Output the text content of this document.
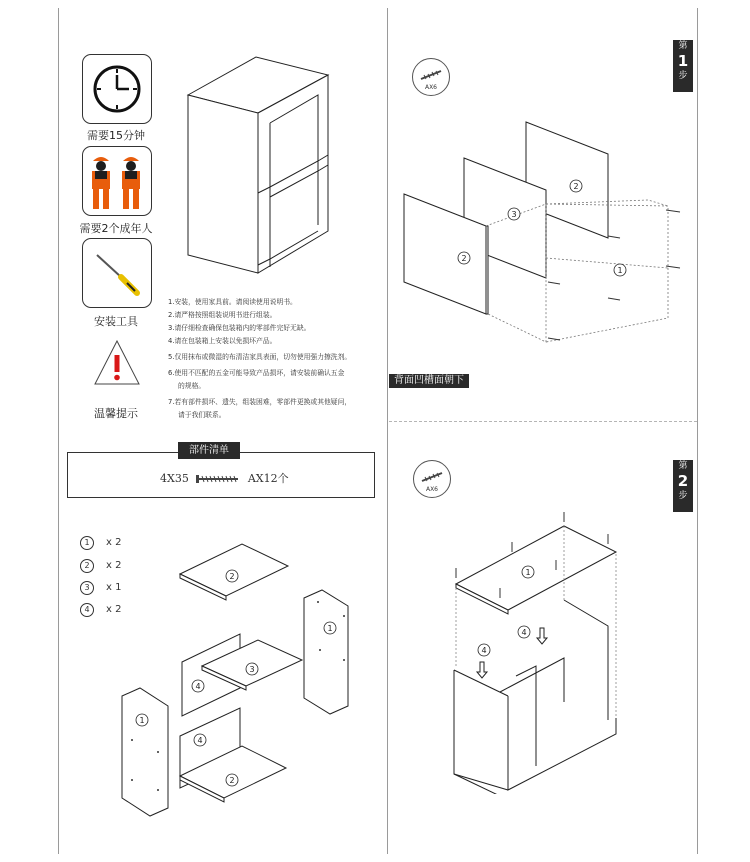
需要15分钟
需要2个成年人
安装工具
温馨提示
1.安装，使用家具前。请阅读使用说明书。
2.请严格按照组装说明书进行组装。
3.请仔细检查确保包装箱内的零部件完好无缺。
4.请在包装箱上安装以免损坏产品。
5.仅用抹布或微湿的布清洁家具表面，切勿使用强力擦洗剂。
6.使用不匹配的五金可能导致产品损坏，请安装前确认五金
的规格。
7.若有部件损坏、遗失，组装困难，零部件更换或其他疑问，
请于我们联系。
部件清单
4X35	AX12个
1 x 2
2 x 2
3 x 1
4 x 2
2
1
4
3
1
4
2
第
1
步
AX6
2
3
2
1
背面凹槽面朝下
第
2
步
AX6
1
4
4
